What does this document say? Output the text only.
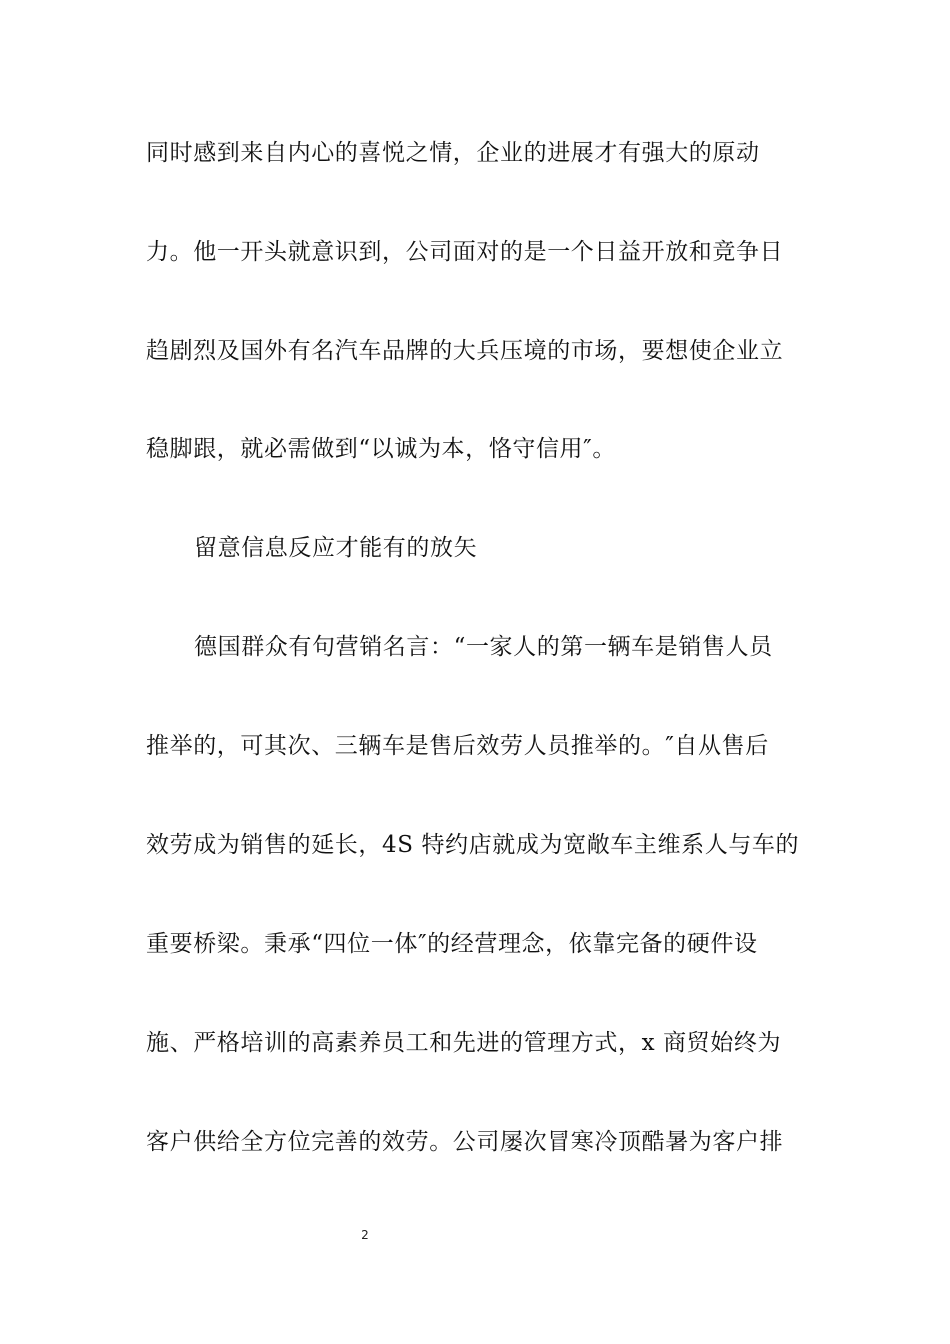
同时感到来自内心的喜悦之情，企业的进展才有强大的原动
力。他一开头就意识到，公司面对的是一个日益开放和竞争日
趋剧烈及国外有名汽车品牌的大兵压境的市场，要想使企业立
稳脚跟，就必需做到“以诚为本，恪守信用″。
留意信息反应才能有的放矢
德国群众有句营销名言：“一家人的第一辆车是销售人员
推举的，可其次、三辆车是售后效劳人员推举的。″自从售后
效劳成为销售的延长，4S 特约店就成为宽敞车主维系人与车的
重要桥梁。秉承“四位一体″的经营理念，依靠完备的硬件设
施、严格培训的高素养员工和先进的管理方式，x 商贸始终为
客户供给全方位完善的效劳。公司屡次冒寒冷顶酷暑为客户排
2
